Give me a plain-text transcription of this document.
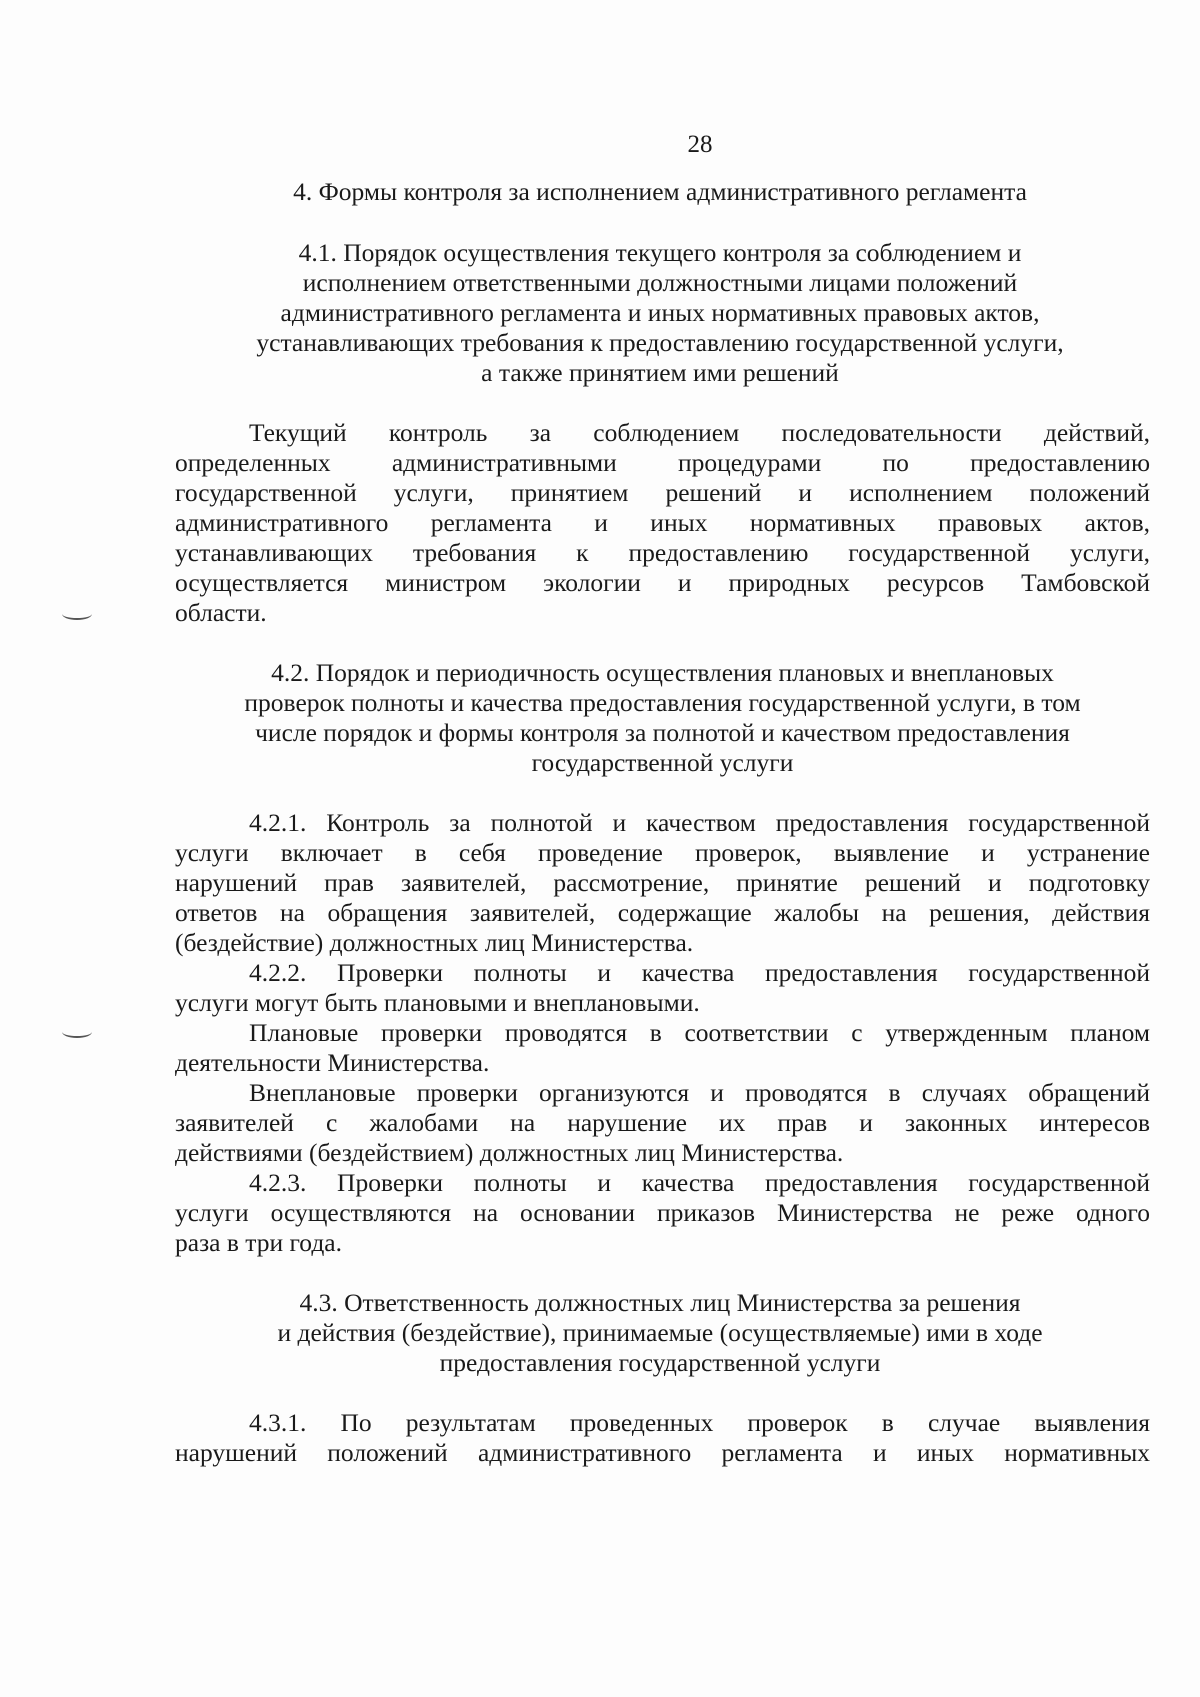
28
4. Формы контроля за исполнением административного регламента
4.1. Порядок осуществления текущего контроля за соблюдением и
исполнением ответственными должностными лицами положений
административного регламента и иных нормативных правовых актов,
устанавливающих требования к предоставлению государственной услуги,
а также принятием ими решений
Текущий контроль за соблюдением последовательности действий,
определенных административными процедурами по предоставлению
государственной услуги, принятием решений и исполнением положений
административного регламента и иных нормативных правовых актов,
устанавливающих требования к предоставлению государственной услуги,
осуществляется министром экологии и природных ресурсов Тамбовской
области.
4.2. Порядок и периодичность осуществления плановых и внеплановых
проверок полноты и качества предоставления государственной услуги, в том
числе порядок и формы контроля за полнотой и качеством предоставления
государственной услуги
4.2.1. Контроль за полнотой и качеством предоставления государственной
услуги включает в себя проведение проверок, выявление и устранение
нарушений прав заявителей, рассмотрение, принятие решений и подготовку
ответов на обращения заявителей, содержащие жалобы на решения, действия
(бездействие) должностных лиц Министерства.
4.2.2. Проверки полноты и качества предоставления государственной
услуги могут быть плановыми и внеплановыми.
Плановые проверки проводятся в соответствии с утвержденным планом
деятельности Министерства.
Внеплановые проверки организуются и проводятся в случаях обращений
заявителей с жалобами на нарушение их прав и законных интересов
действиями (бездействием) должностных лиц Министерства.
4.2.3. Проверки полноты и качества предоставления государственной
услуги осуществляются на основании приказов Министерства не реже одного
раза в три года.
4.3. Ответственность должностных лиц Министерства за решения
и действия (бездействие), принимаемые (осуществляемые) ими в ходе
предоставления государственной услуги
4.3.1. По результатам проведенных проверок в случае выявления
нарушений положений административного регламента и иных нормативных
